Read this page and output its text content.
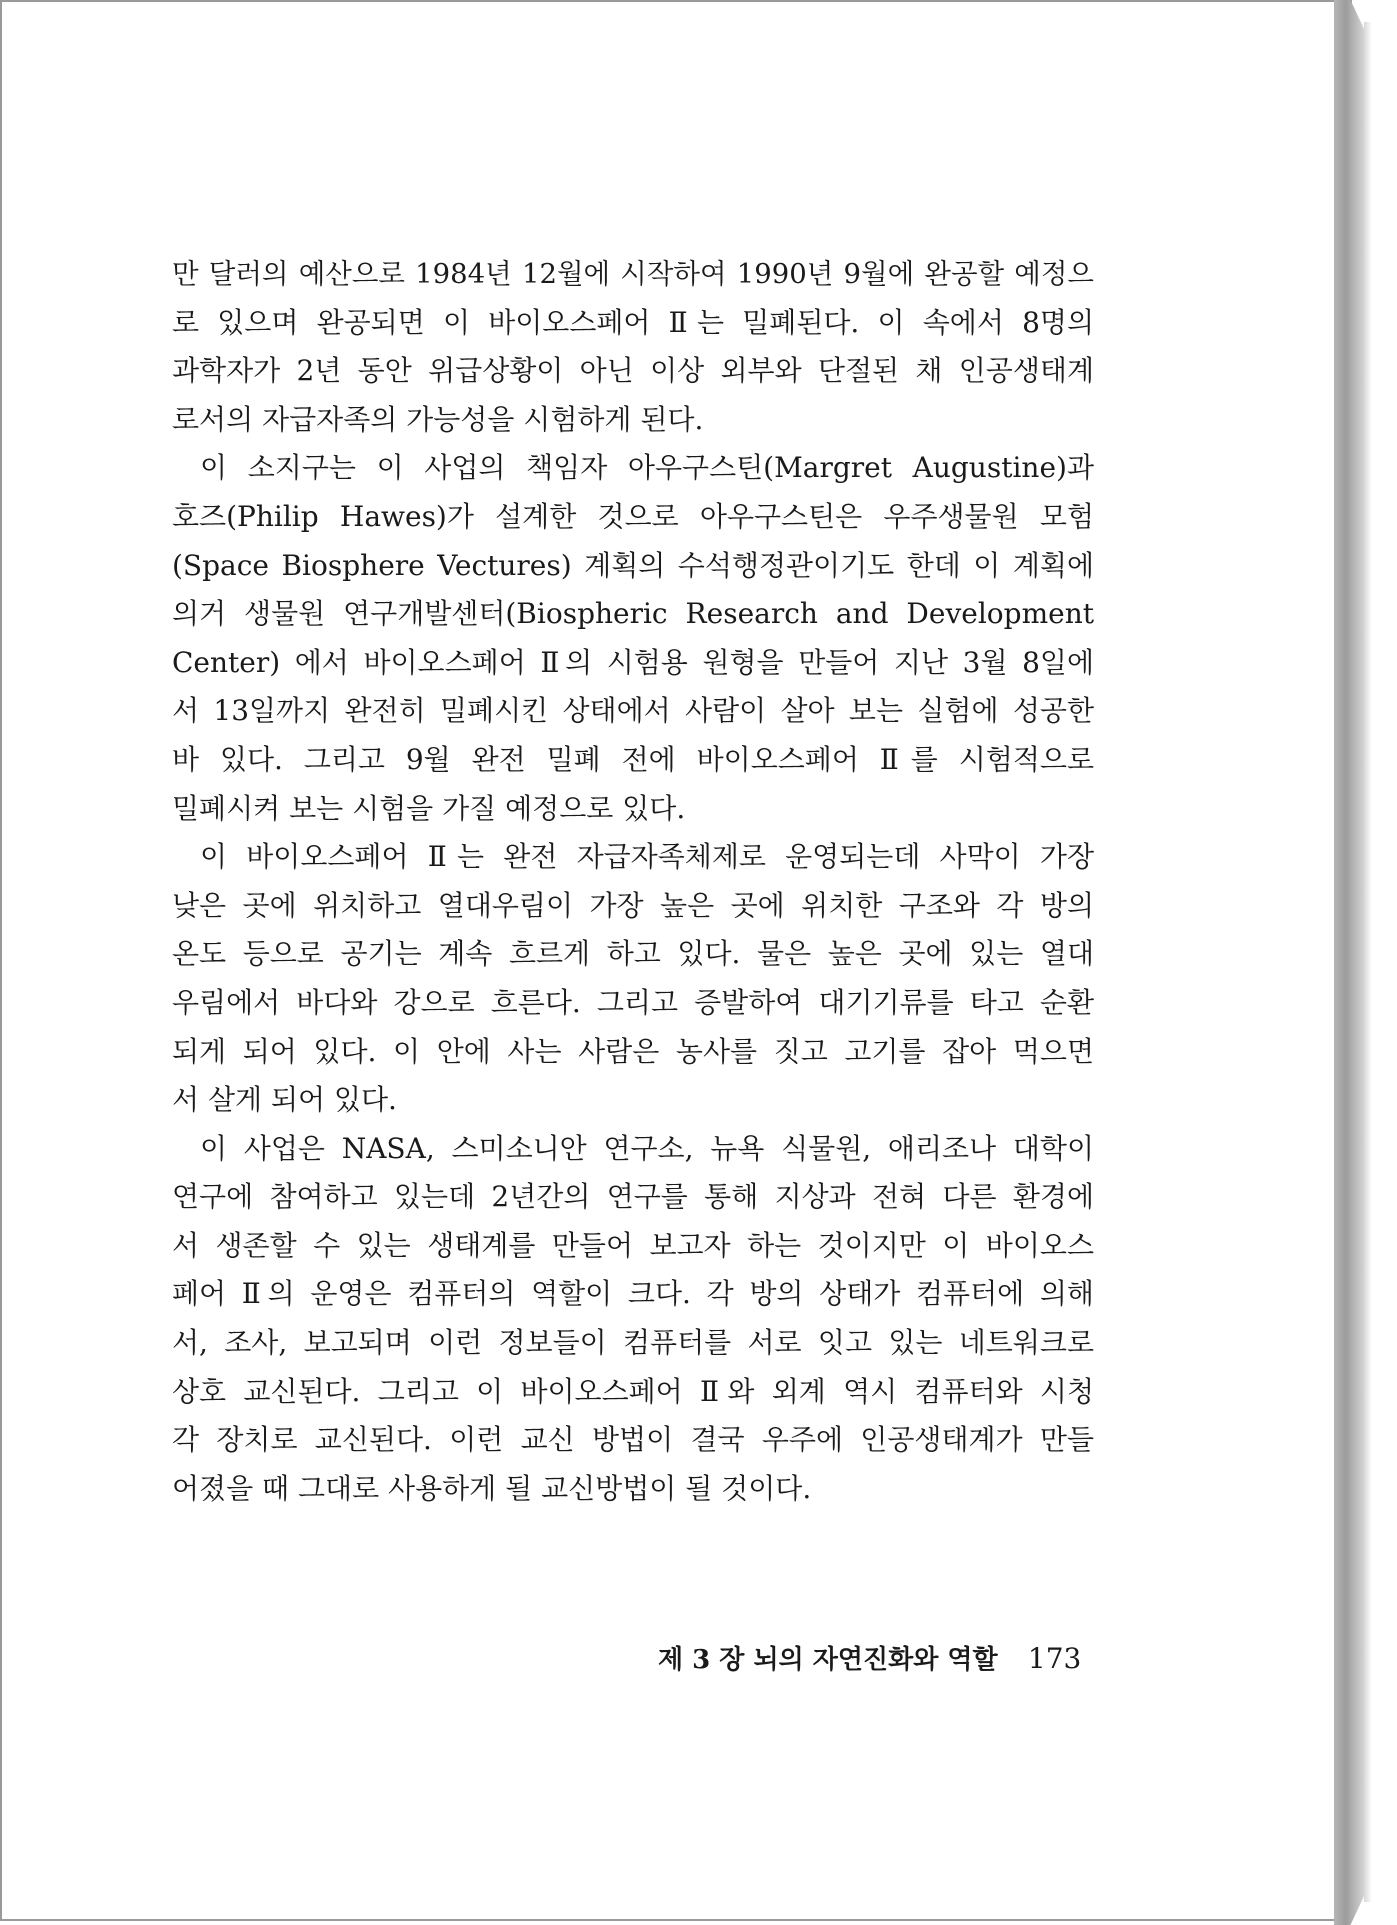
만 달러의 예산으로 1984년 12월에 시작하여 1990년 9월에 완공할 예정으
로 있으며 완공되면 이 바이오스페어 Ⅱ는 밀폐된다. 이 속에서 8명의
과학자가 2년 동안 위급상황이 아닌 이상 외부와 단절된 채 인공생태계
로서의 자급자족의 가능성을 시험하게 된다.
이 소지구는 이 사업의 책임자 아우구스틴(Margret Augustine)과
호즈(Philip Hawes)가 설계한 것으로 아우구스틴은 우주생물원 모험
(Space Biosphere Vectures) 계획의 수석행정관이기도 한데 이 계획에
의거 생물원 연구개발센터(Biospheric Research and Development
Center) 에서 바이오스페어 Ⅱ의 시험용 원형을 만들어 지난 3월 8일에
서 13일까지 완전히 밀폐시킨 상태에서 사람이 살아 보는 실험에 성공한
바 있다. 그리고 9월 완전 밀폐 전에 바이오스페어 Ⅱ를 시험적으로
밀폐시켜 보는 시험을 가질 예정으로 있다.
이 바이오스페어 Ⅱ는 완전 자급자족체제로 운영되는데 사막이 가장
낮은 곳에 위치하고 열대우림이 가장 높은 곳에 위치한 구조와 각 방의
온도 등으로 공기는 계속 흐르게 하고 있다. 물은 높은 곳에 있는 열대
우림에서 바다와 강으로 흐른다. 그리고 증발하여 대기기류를 타고 순환
되게 되어 있다. 이 안에 사는 사람은 농사를 짓고 고기를 잡아 먹으면
서 살게 되어 있다.
이 사업은 NASA, 스미소니안 연구소, 뉴욕 식물원, 애리조나 대학이
연구에 참여하고 있는데 2년간의 연구를 통해 지상과 전혀 다른 환경에
서 생존할 수 있는 생태계를 만들어 보고자 하는 것이지만 이 바이오스
페어 Ⅱ의 운영은 컴퓨터의 역할이 크다. 각 방의 상태가 컴퓨터에 의해
서, 조사, 보고되며 이런 정보들이 컴퓨터를 서로 잇고 있는 네트워크로
상호 교신된다. 그리고 이 바이오스페어 Ⅱ와 외계 역시 컴퓨터와 시청
각 장치로 교신된다. 이런 교신 방법이 결국 우주에 인공생태계가 만들
어졌을 때 그대로 사용하게 될 교신방법이 될 것이다.
제 3 장 뇌의 자연진화와 역할 173
